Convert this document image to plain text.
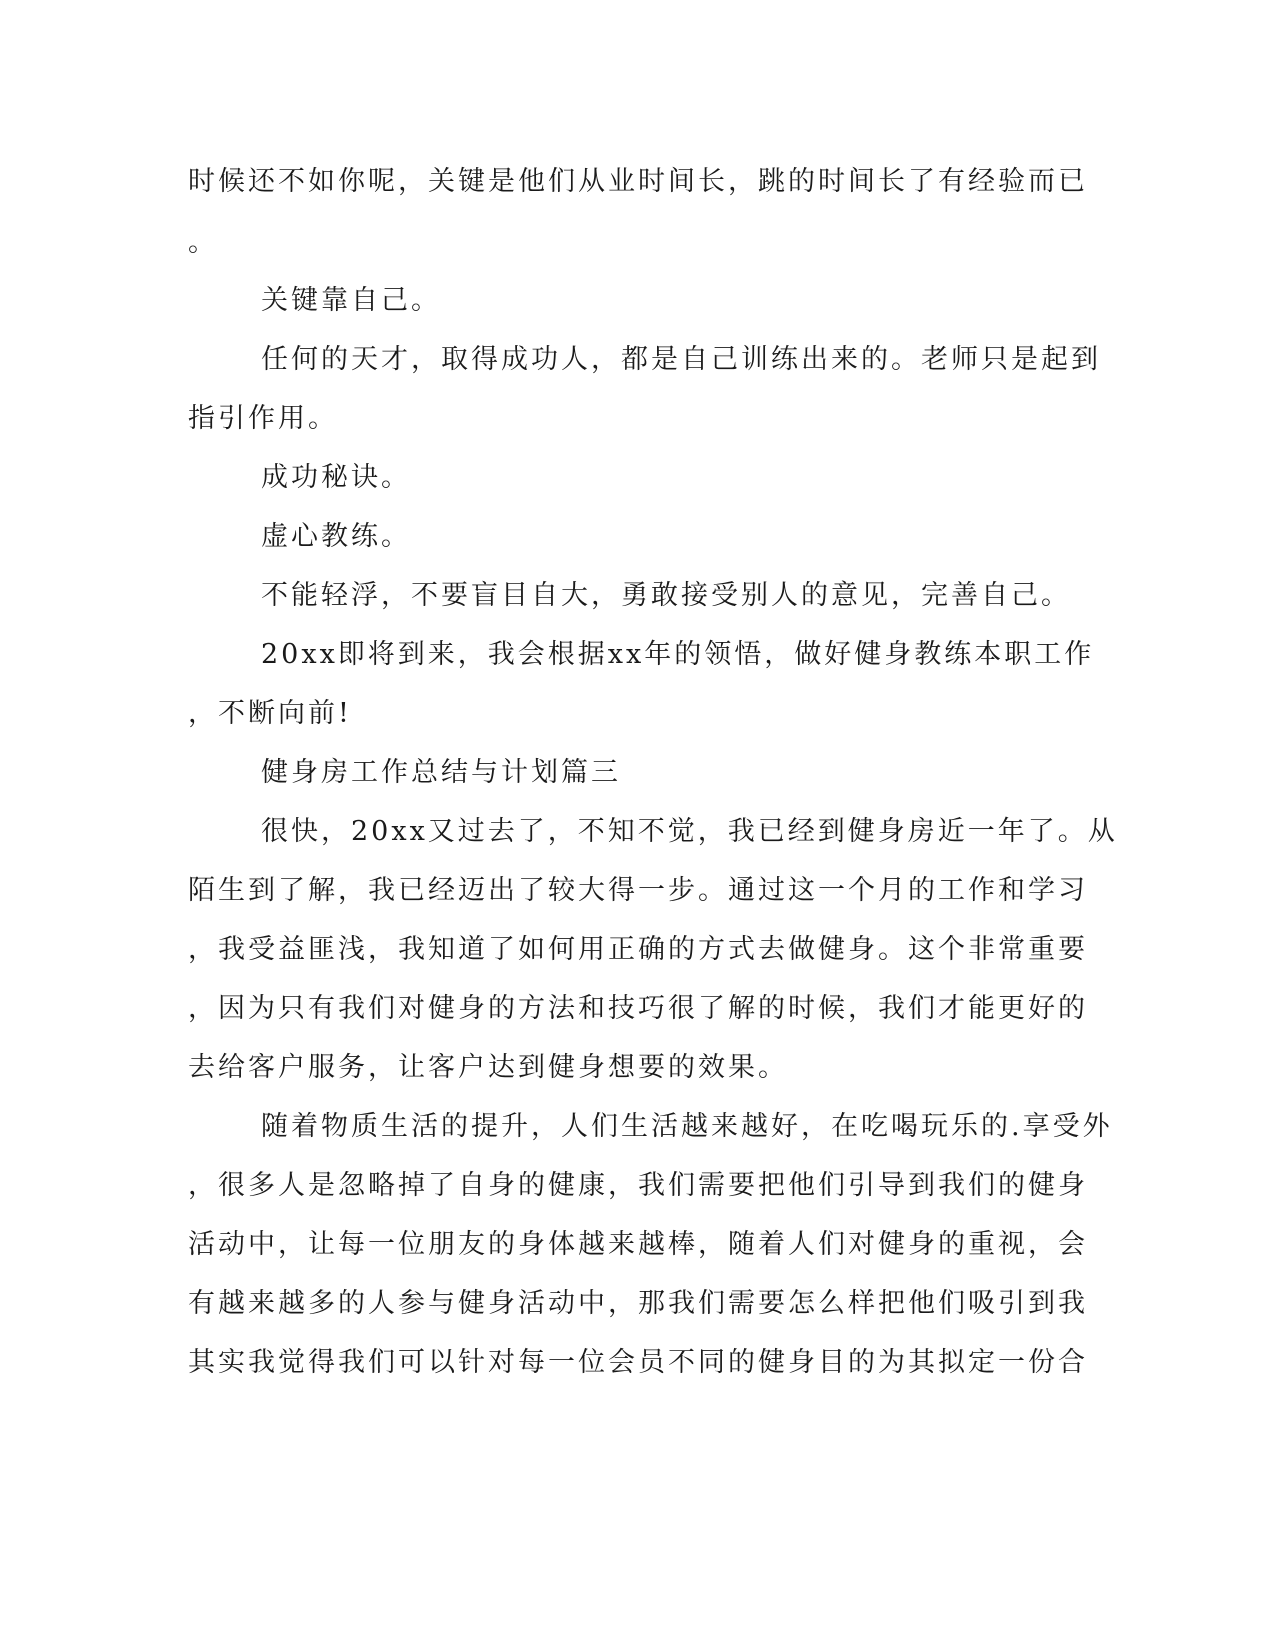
时候还不如你呢，关键是他们从业时间长，跳的时间长了有经验而已
。
关键靠自己。
任何的天才，取得成功人，都是自己训练出来的。老师只是起到
指引作用。
成功秘诀。
虚心教练。
不能轻浮，不要盲目自大，勇敢接受别人的意见，完善自己。
20xx即将到来，我会根据xx年的领悟，做好健身教练本职工作
，不断向前!
健身房工作总结与计划篇三
很快，20xx又过去了，不知不觉，我已经到健身房近一年了。从
陌生到了解，我已经迈出了较大得一步。通过这一个月的工作和学习
，我受益匪浅，我知道了如何用正确的方式去做健身。这个非常重要
，因为只有我们对健身的方法和技巧很了解的时候，我们才能更好的
去给客户服务，让客户达到健身想要的效果。
随着物质生活的提升，人们生活越来越好，在吃喝玩乐的.享受外
，很多人是忽略掉了自身的健康，我们需要把他们引导到我们的健身
活动中，让每一位朋友的身体越来越棒，随着人们对健身的重视，会
有越来越多的人参与健身活动中，那我们需要怎么样把他们吸引到我
其实我觉得我们可以针对每一位会员不同的健身目的为其拟定一份合
